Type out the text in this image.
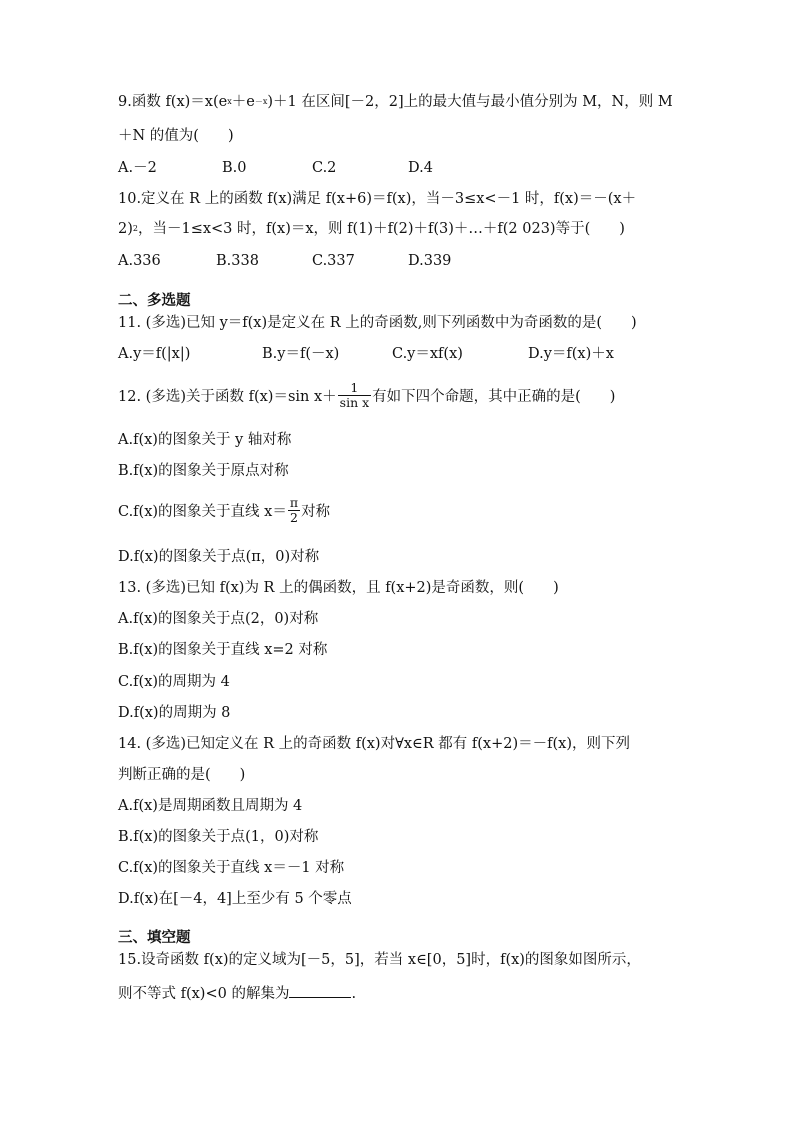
9.函数 $f(x)=x(e^x+e^{-x})+1$ 在区间[－2，2]上的最大值与最小值分别为 M，N，则 M
＋N 的值为(　　)
A.－2	B.0	C.2	D.4
10.定义在 R 上的函数 f(x)满足 f(x+6)＝f(x)，当－3≤x<－1 时，f(x)＝－(x＋
2)$^2$，当－1≤x<3 时，f(x)＝x，则 f(1)＋f(2)＋f(3)＋…＋f(2 023)等于(　　)
A.336	B.338	C.337	D.339
二、多选题
11. (多选)已知 y＝f(x)是定义在 R 上的奇函数,则下列函数中为奇函数的是(　　)
A.y＝f(|x|)	B.y＝f(－x)	C.y＝xf(x)	D.y＝f(x)＋x
12. (多选)关于函数 f(x)＝sin $x+ \frac{1}{\text{sin x}}$ 有如下四个命题，其中正确的是(　　)
A.f(x)的图象关于 y 轴对称
B.f(x)的图象关于原点对称
C.f(x)的图象关于直线 $x= \frac{\pi}{2}$ 对称
D.f(x)的图象关于点(π，0)对称
13. (多选)已知 f(x)为 R 上的偶函数，且 f(x+2)是奇函数，则(　　)
A.f(x)的图象关于点(2，0)对称
B.f(x)的图象关于直线 x=2 对称
C.f(x)的周期为 4
D.f(x)的周期为 8
14. (多选)已知定义在 R 上的奇函数 f(x)对∀x∈R 都有 f(x+2)＝－f(x)，则下列
判断正确的是(　　)
A.f(x)是周期函数且周期为 4
B.f(x)的图象关于点(1，0)对称
C.f(x)的图象关于直线 x＝－1 对称
D.f(x)在[－4，4]上至少有 5 个零点
三、填空题
15.设奇函数 f(x)的定义域为[－5，5]，若当 x∈[0，5]时，f(x)的图象如图所示，
则不等式 f(x)<0 的解集为	.
